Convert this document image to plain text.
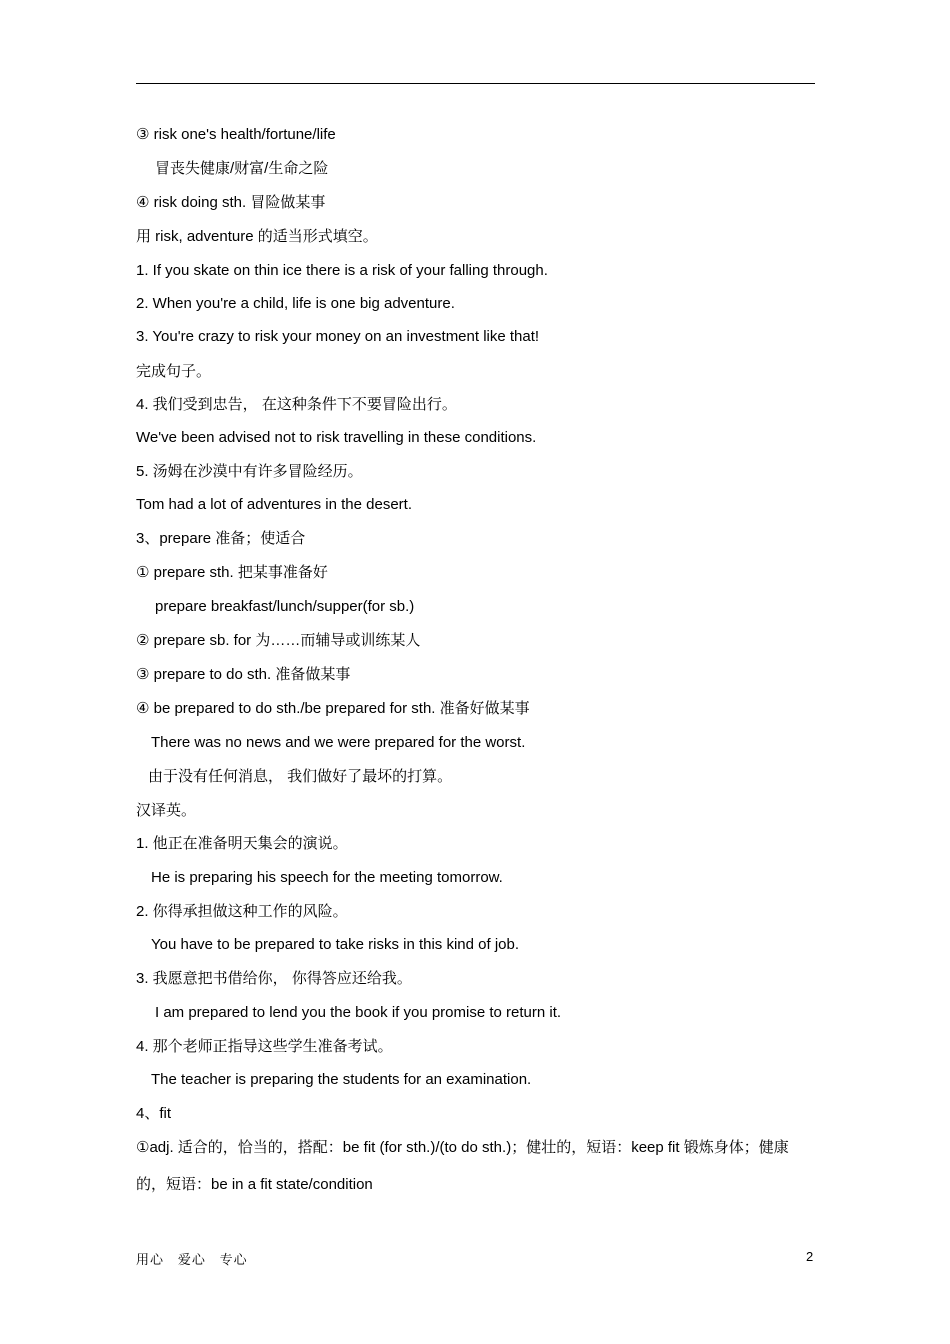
③ risk one's health/fortune/life
冒丧失健康/财富/生命之险
④ risk doing sth. 冒险做某事
用 risk, adventure 的适当形式填空。
1. If you skate on thin ice there is a risk of your falling through.
2. When you're a child, life is one big adventure.
3. You're crazy to risk your money on an investment like that!
完成句子。
4. 我们受到忠告， 在这种条件下不要冒险出行。
We've been advised not to risk travelling in these conditions.
5. 汤姆在沙漠中有许多冒险经历。
Tom had a lot of adventures in the desert.
3、prepare 准备；使适合
① prepare sth. 把某事准备好
prepare breakfast/lunch/supper(for sb.)
② prepare sb. for 为……而辅导或训练某人
③ prepare to do sth. 准备做某事
④ be prepared to do sth./be prepared for sth. 准备好做某事
There was no news and we were prepared for the worst.
由于没有任何消息， 我们做好了最坏的打算。
汉译英。
1. 他正在准备明天集会的演说。
He is preparing his speech for the meeting tomorrow.
2. 你得承担做这种工作的风险。
You have to be prepared to take risks in this kind of job.
3. 我愿意把书借给你， 你得答应还给我。
I am prepared to lend you the book if you promise to return it.
4. 那个老师正指导这些学生准备考试。
The teacher is preparing the students for an examination.
4、fit
①adj. 适合的，恰当的，搭配：be fit (for sth.)/(to do sth.)；健壮的，短语：keep fit 锻炼身体；健康
的，短语：be in a fit state/condition
用心   爱心   专心	2
